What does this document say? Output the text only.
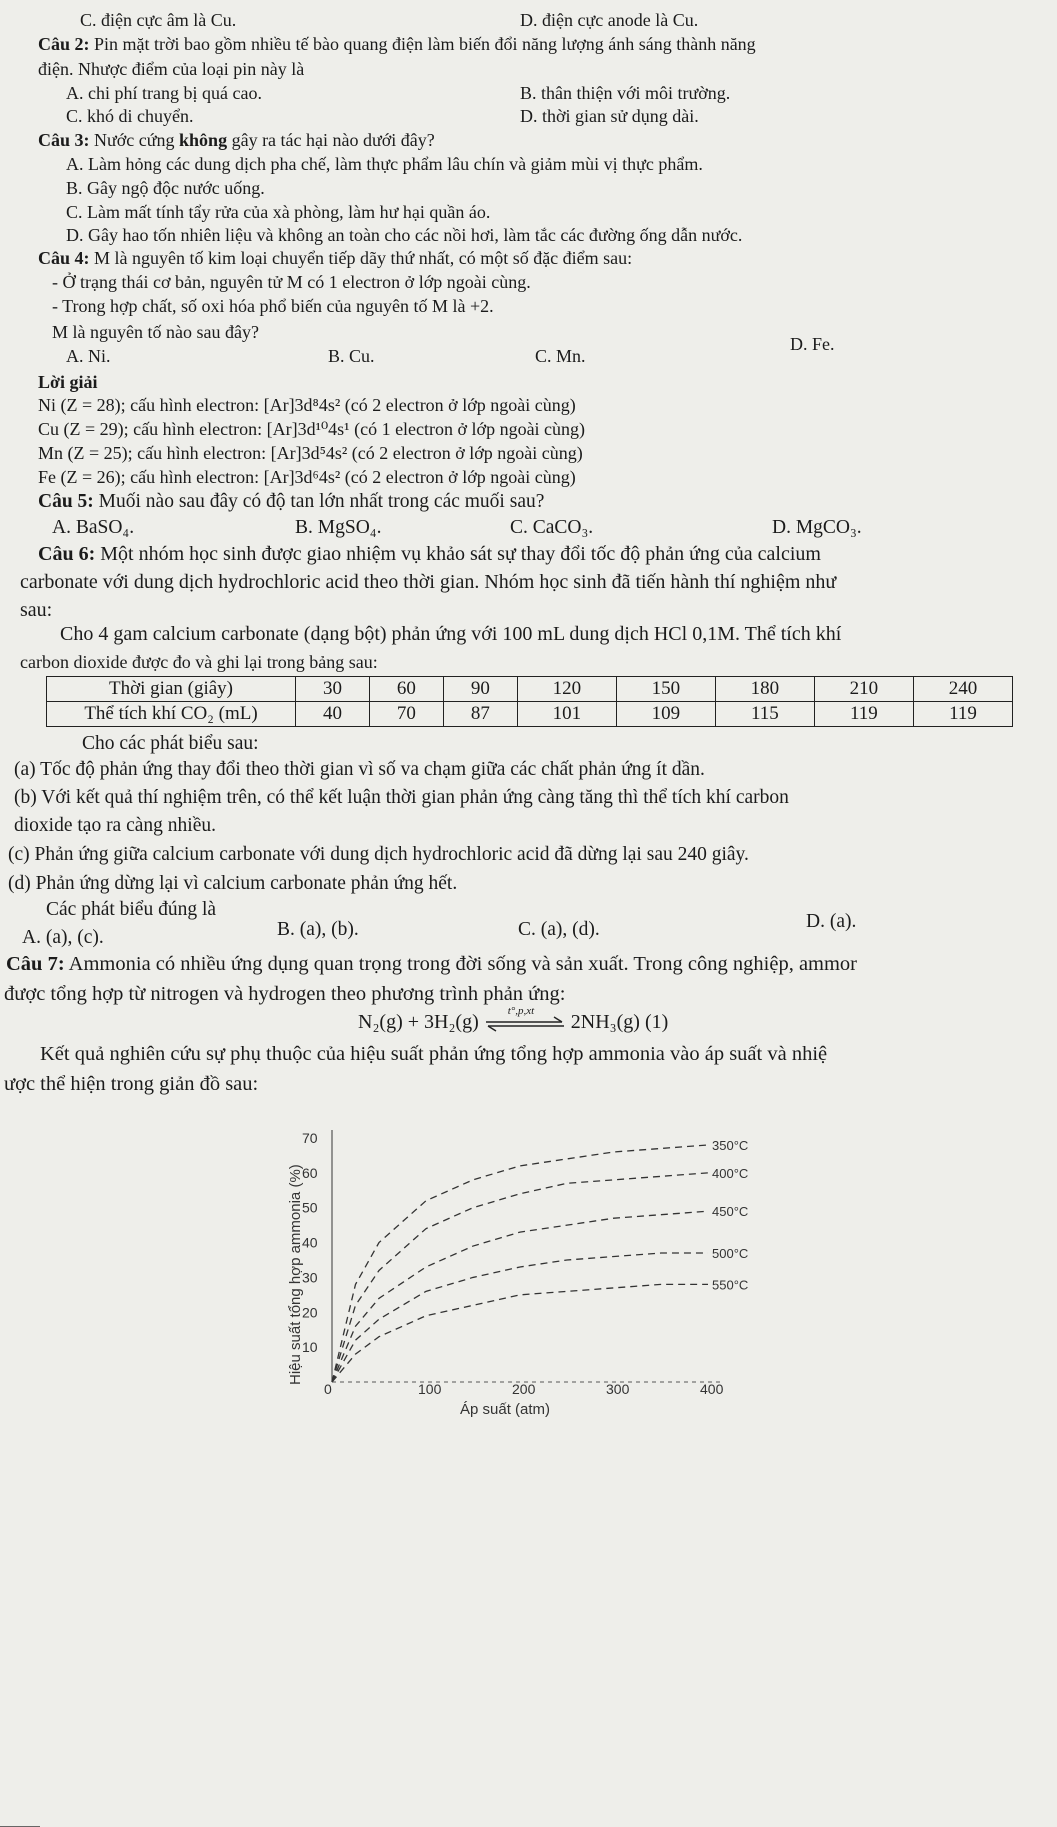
C. điện cực âm là Cu.	D. điện cực anode là Cu.
Câu 2: Pin mặt trời bao gồm nhiều tế bào quang điện làm biến đổi năng lượng ánh sáng thành năng
điện. Nhược điểm của loại pin này là
A. chi phí trang bị quá cao.	B. thân thiện với môi trường.
C. khó di chuyển.	D. thời gian sử dụng dài.
Câu 3: Nước cứng không gây ra tác hại nào dưới đây?
A. Làm hỏng các dung dịch pha chế, làm thực phẩm lâu chín và giảm mùi vị thực phẩm.
B. Gây ngộ độc nước uống.
C. Làm mất tính tẩy rửa của xà phòng, làm hư hại quần áo.
D. Gây hao tốn nhiên liệu và không an toàn cho các nồi hơi, làm tắc các đường ống dẫn nước.
Câu 4: M là nguyên tố kim loại chuyển tiếp dãy thứ nhất, có một số đặc điểm sau:
- Ở trạng thái cơ bản, nguyên tử M có 1 electron ở lớp ngoài cùng.
- Trong hợp chất, số oxi hóa phổ biến của nguyên tố M là +2.
M là nguyên tố nào sau đây?
A. Ni.	B. Cu.	C. Mn.
D. Fe.
Lời giải
Ni (Z = 28); cấu hình electron: [Ar]3d⁸4s² (có 2 electron ở lớp ngoài cùng)
Cu (Z = 29); cấu hình electron: [Ar]3d¹⁰4s¹ (có 1 electron ở lớp ngoài cùng)
Mn (Z = 25); cấu hình electron: [Ar]3d⁵4s² (có 2 electron ở lớp ngoài cùng)
Fe (Z = 26); cấu hình electron: [Ar]3d⁶4s² (có 2 electron ở lớp ngoài cùng)
Câu 5: Muối nào sau đây có độ tan lớn nhất trong các muối sau?
A. BaSO₄.	B. MgSO₄.	C. CaCO₃.	D. MgCO₃.
Câu 6: Một nhóm học sinh được giao nhiệm vụ khảo sát sự thay đổi tốc độ phản ứng của calcium
carbonate với dung dịch hydrochloric acid theo thời gian. Nhóm học sinh đã tiến hành thí nghiệm như
sau:
Cho 4 gam calcium carbonate (dạng bột) phản ứng với 100 mL dung dịch HCl 0,1M. Thể tích khí
carbon dioxide được đo và ghi lại trong bảng sau:
Thời gian (giây)	30	60	90	120	150	180	210	240
Thể tích khí CO₂ (mL)	40	70	87	101	109	115	119	119
Cho các phát biểu sau:
(a) Tốc độ phản ứng thay đổi theo thời gian vì số va chạm giữa các chất phản ứng ít dần.
(b) Với kết quả thí nghiệm trên, có thể kết luận thời gian phản ứng càng tăng thì thể tích khí carbon
dioxide tạo ra càng nhiều.
(c) Phản ứng giữa calcium carbonate với dung dịch hydrochloric acid đã dừng lại sau 240 giây.
(d) Phản ứng dừng lại vì calcium carbonate phản ứng hết.
Các phát biểu đúng là
A. (a), (c).	B. (a), (b).	C. (a), (d).	D. (a).
Câu 7: Ammonia có nhiều ứng dụng quan trọng trong đời sống và sản xuất. Trong công nghiệp, ammor
được tổng hợp từ nitrogen và hydrogen theo phương trình phản ứng:
N₂(g) + 3H₂(g)	t°,p,xt 2NH₃(g) (1)
Kết quả nghiên cứu sự phụ thuộc của hiệu suất phản ứng tổng hợp ammonia vào áp suất và nhiệ
ược thể hiện trong giản đồ sau:
10
20
30
40
50
60
70
0	100	200	300	400
350°C
400°C
450°C
500°C
550°C
Hiệu suất tổng hợp ammonia (%)
Áp suất (atm)
